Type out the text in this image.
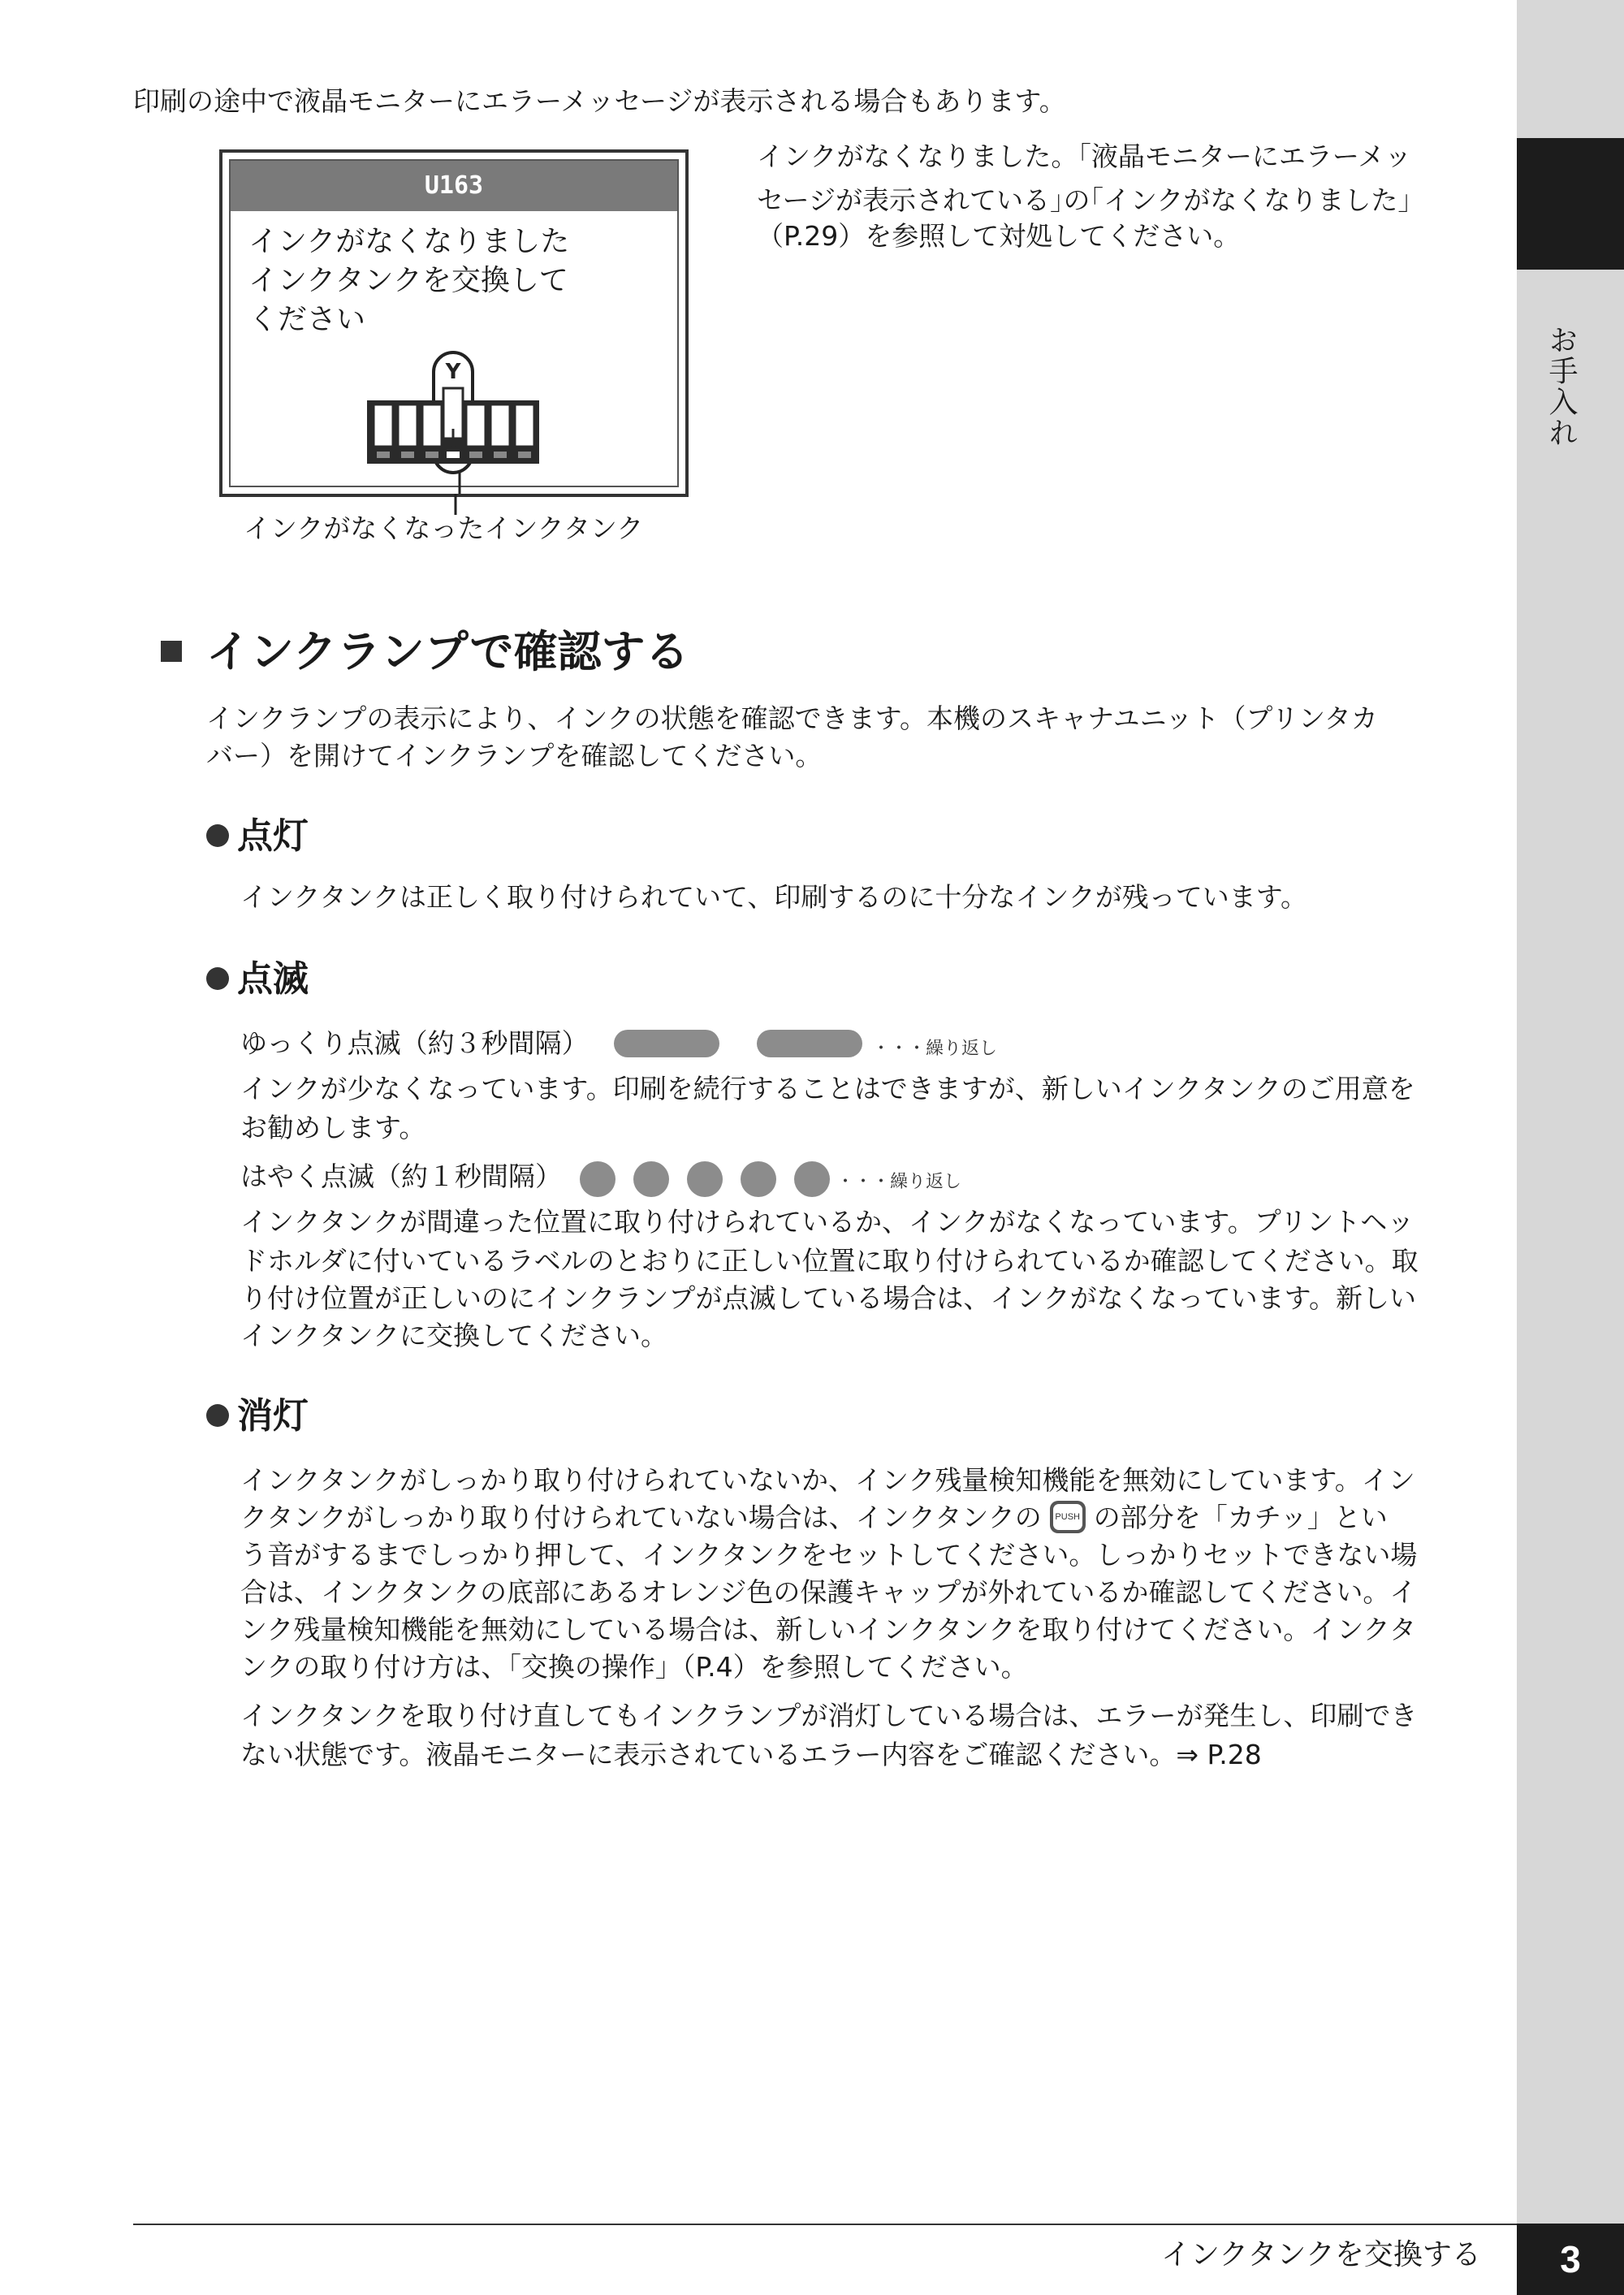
お手入れ
印刷の途中で液晶モニターにエラーメッセージが表示される場合もあります。
U163
インクがなくなりました
インクタンクを交換して
ください
Y
インクがなくなったインクタンク
インクがなくなりました。｢液晶モニターにエラーメッ
セージが表示されている｣の｢インクがなくなりました｣
（P.29）を参照して対処してください。
インクランプで確認する
インクランプの表示により、インクの状態を確認できます。本機のスキャナユニット（プリンタカ
バー）を開けてインクランプを確認してください。
点灯
インクタンクは正しく取り付けられていて、印刷するのに十分なインクが残っています。
点滅
ゆっくり点滅（約３秒間隔）	・・・繰り返し
インクが少なくなっています。印刷を続行することはできますが、新しいインクタンクのご用意を
お勧めします。
はやく点滅（約１秒間隔）	・・・繰り返し
インクタンクが間違った位置に取り付けられているか、インクがなくなっています。プリントヘッ
ドホルダに付いているラベルのとおりに正しい位置に取り付けられているか確認してください。取
り付け位置が正しいのにインクランプが点滅している場合は、インクがなくなっています。新しい
インクタンクに交換してください。
消灯
インクタンクがしっかり取り付けられていないか、インク残量検知機能を無効にしています。イン
クタンクがしっかり取り付けられていない場合は、インクタンクの PUSH の部分を「カチッ」とい
う音がするまでしっかり押して、インクタンクをセットしてください。しっかりセットできない場
合は、インクタンクの底部にあるオレンジ色の保護キャップが外れているか確認してください。イ
ンク残量検知機能を無効にしている場合は、新しいインクタンクを取り付けてください。インクタ
ンクの取り付け方は、｢交換の操作｣（P.4）を参照してください。
インクタンクを取り付け直してもインクランプが消灯している場合は、エラーが発生し、印刷でき
ない状態です。液晶モニターに表示されているエラー内容をご確認ください。⇒ P.28
インクタンクを交換する	3
